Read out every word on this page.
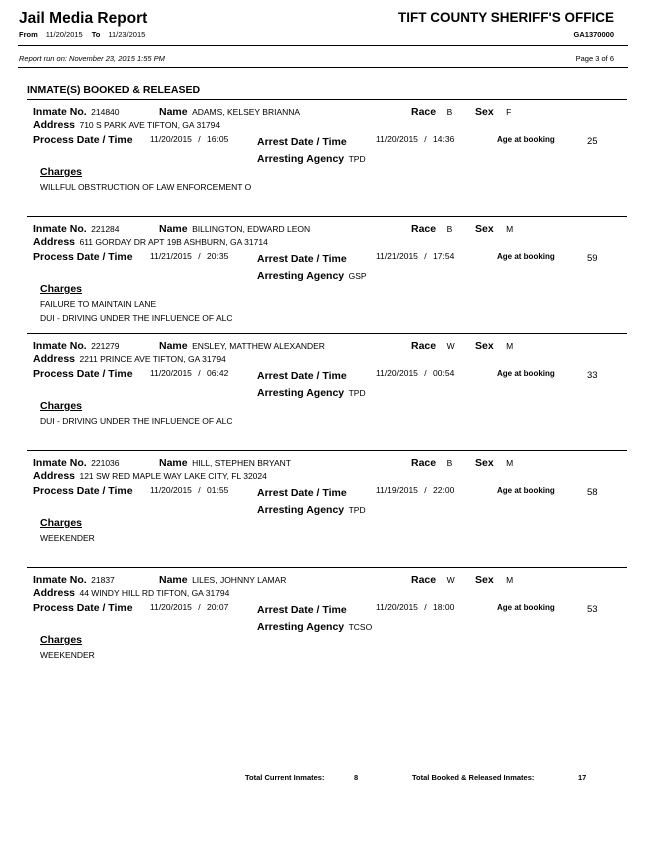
Jail Media Report	TIFT COUNTY SHERIFF'S OFFICE
From 11/20/2015 To 11/23/2015	GA1370000
Report run on: November 23, 2015 1:55 PM	Page 3 of 6
INMATE(S) BOOKED & RELEASED
Inmate No. 214840	Name ADAMS, KELSEY BRIANNA	Race B Sex F
Address 710 S PARK AVE TIFTON, GA 31794
Process Date / Time 11/20/2015 / 16:05	Arrest Date / Time	11/20/2015 / 14:36	Age at booking	25
Arresting Agency TPD
Charges
WILLFUL OBSTRUCTION OF LAW ENFORCEMENT O
Inmate No. 221284	Name BILLINGTON, EDWARD LEON	Race B Sex M
Address 611 GORDAY DR APT 19B ASHBURN, GA 31714
Process Date / Time 11/21/2015 / 20:35	Arrest Date / Time	11/21/2015 / 17:54	Age at booking	59
Arresting Agency GSP
Charges
FAILURE TO MAINTAIN LANE
DUI - DRIVING UNDER THE INFLUENCE OF ALC
Inmate No. 221279	Name ENSLEY, MATTHEW ALEXANDER	Race W Sex M
Address 2211 PRINCE AVE TIFTON, GA 31794
Process Date / Time 11/20/2015 / 06:42	Arrest Date / Time	11/20/2015 / 00:54	Age at booking	33
Arresting Agency TPD
Charges
DUI - DRIVING UNDER THE INFLUENCE OF ALC
Inmate No. 221036	Name HILL, STEPHEN BRYANT	Race B Sex M
Address 121 SW RED MAPLE WAY LAKE CITY, FL 32024
Process Date / Time 11/20/2015 / 01:55	Arrest Date / Time	11/19/2015 / 22:00	Age at booking	58
Arresting Agency TPD
Charges
WEEKENDER
Inmate No. 21837	Name LILES, JOHNNY LAMAR	Race W Sex M
Address 44 WINDY HILL RD TIFTON, GA 31794
Process Date / Time 11/20/2015 / 20:07	Arrest Date / Time	11/20/2015 / 18:00	Age at booking	53
Arresting Agency TCSO
Charges
WEEKENDER
Total Current Inmates:	8	Total Booked & Released Inmates:	17
